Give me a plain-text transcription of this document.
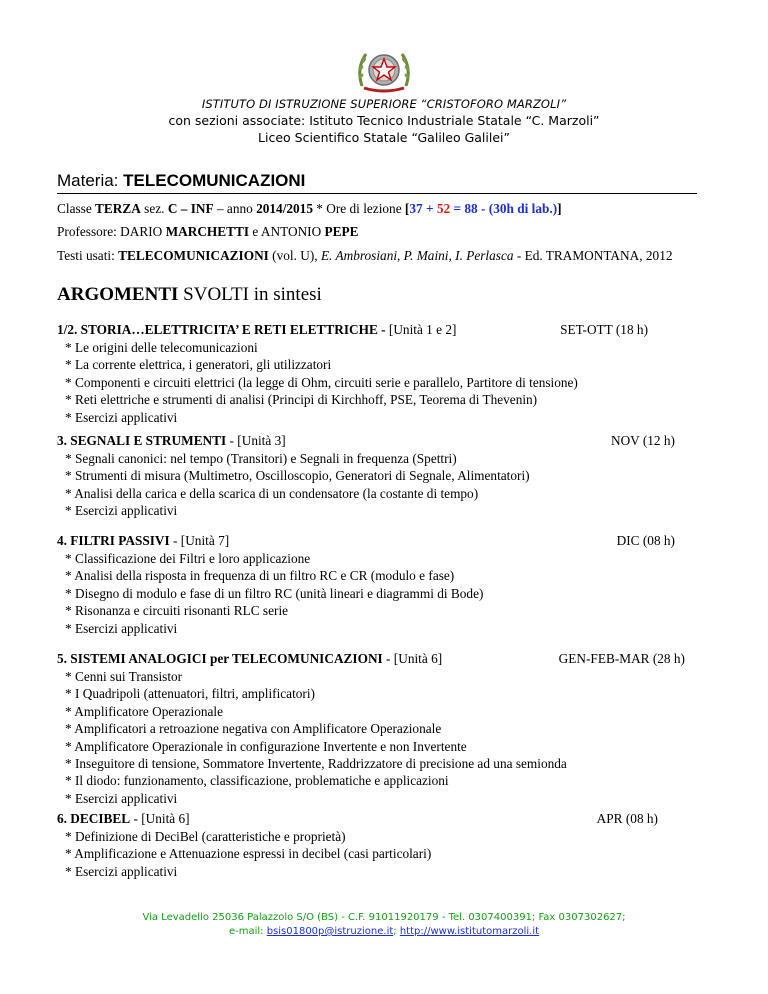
ISTITUTO DI ISTRUZIONE SUPERIORE “CRISTOFORO MARZOLI”
con sezioni associate: Istituto Tecnico Industriale Statale “C. Marzoli”
Liceo Scientifico Statale “Galileo Galilei”
Materia: TELECOMUNICAZIONI
Classe TERZA sez. C – INF – anno 2014/2015 * Ore di lezione [37 + 52 = 88 - (30h di lab.)]
Professore: DARIO MARCHETTI e ANTONIO PEPE
Testi usati: TELECOMUNICAZIONI (vol. U), E. Ambrosiani, P. Maini, I. Perlasca - Ed. TRAMONTANA, 2012
ARGOMENTI SVOLTI in sintesi
1/2. STORIA…ELETTRICITA’ E RETI ELETTRICHE - [Unità 1 e 2]	SET-OTT (18 h)
* Le origini delle telecomunicazioni
* La corrente elettrica, i generatori, gli utilizzatori
* Componenti e circuiti elettrici (la legge di Ohm, circuiti serie e parallelo, Partitore di tensione)
* Reti elettriche e strumenti di analisi (Principi di Kirchhoff, PSE, Teorema di Thevenin)
* Esercizi applicativi
3. SEGNALI E STRUMENTI - [Unità 3]	NOV (12 h)
* Segnali canonici: nel tempo (Transitori) e Segnali in frequenza (Spettri)
* Strumenti di misura (Multimetro, Oscilloscopio, Generatori di Segnale, Alimentatori)
* Analisi della carica e della scarica di un condensatore (la costante di tempo)
* Esercizi applicativi
4. FILTRI PASSIVI - [Unità 7]	DIC (08 h)
* Classificazione dei Filtri e loro applicazione
* Analisi della risposta in frequenza di un filtro RC e CR (modulo e fase)
* Disegno di modulo e fase di un filtro RC (unità lineari e diagrammi di Bode)
* Risonanza e circuiti risonanti RLC serie
* Esercizi applicativi
5. SISTEMI ANALOGICI per TELECOMUNICAZIONI - [Unità 6]	GEN-FEB-MAR (28 h)
* Cenni sui Transistor
* I Quadripoli (attenuatori, filtri, amplificatori)
* Amplificatore Operazionale
* Amplificatori a retroazione negativa con Amplificatore Operazionale
* Amplificatore Operazionale in configurazione Invertente e non Invertente
* Inseguitore di tensione, Sommatore Invertente, Raddrizzatore di precisione ad una semionda
* Il diodo: funzionamento, classificazione, problematiche e applicazioni
* Esercizi applicativi
6. DECIBEL - [Unità 6]	APR (08 h)
* Definizione di DeciBel (caratteristiche e proprietà)
* Amplificazione e Attenuazione espressi in decibel (casi particolari)
* Esercizi applicativi
Via Levadello 25036 Palazzolo S/O (BS) - C.F. 91011920179 - Tel. 0307400391; Fax 0307302627;
e-mail: bsis01800p@istruzione.it; http://www.istitutomarzoli.it
